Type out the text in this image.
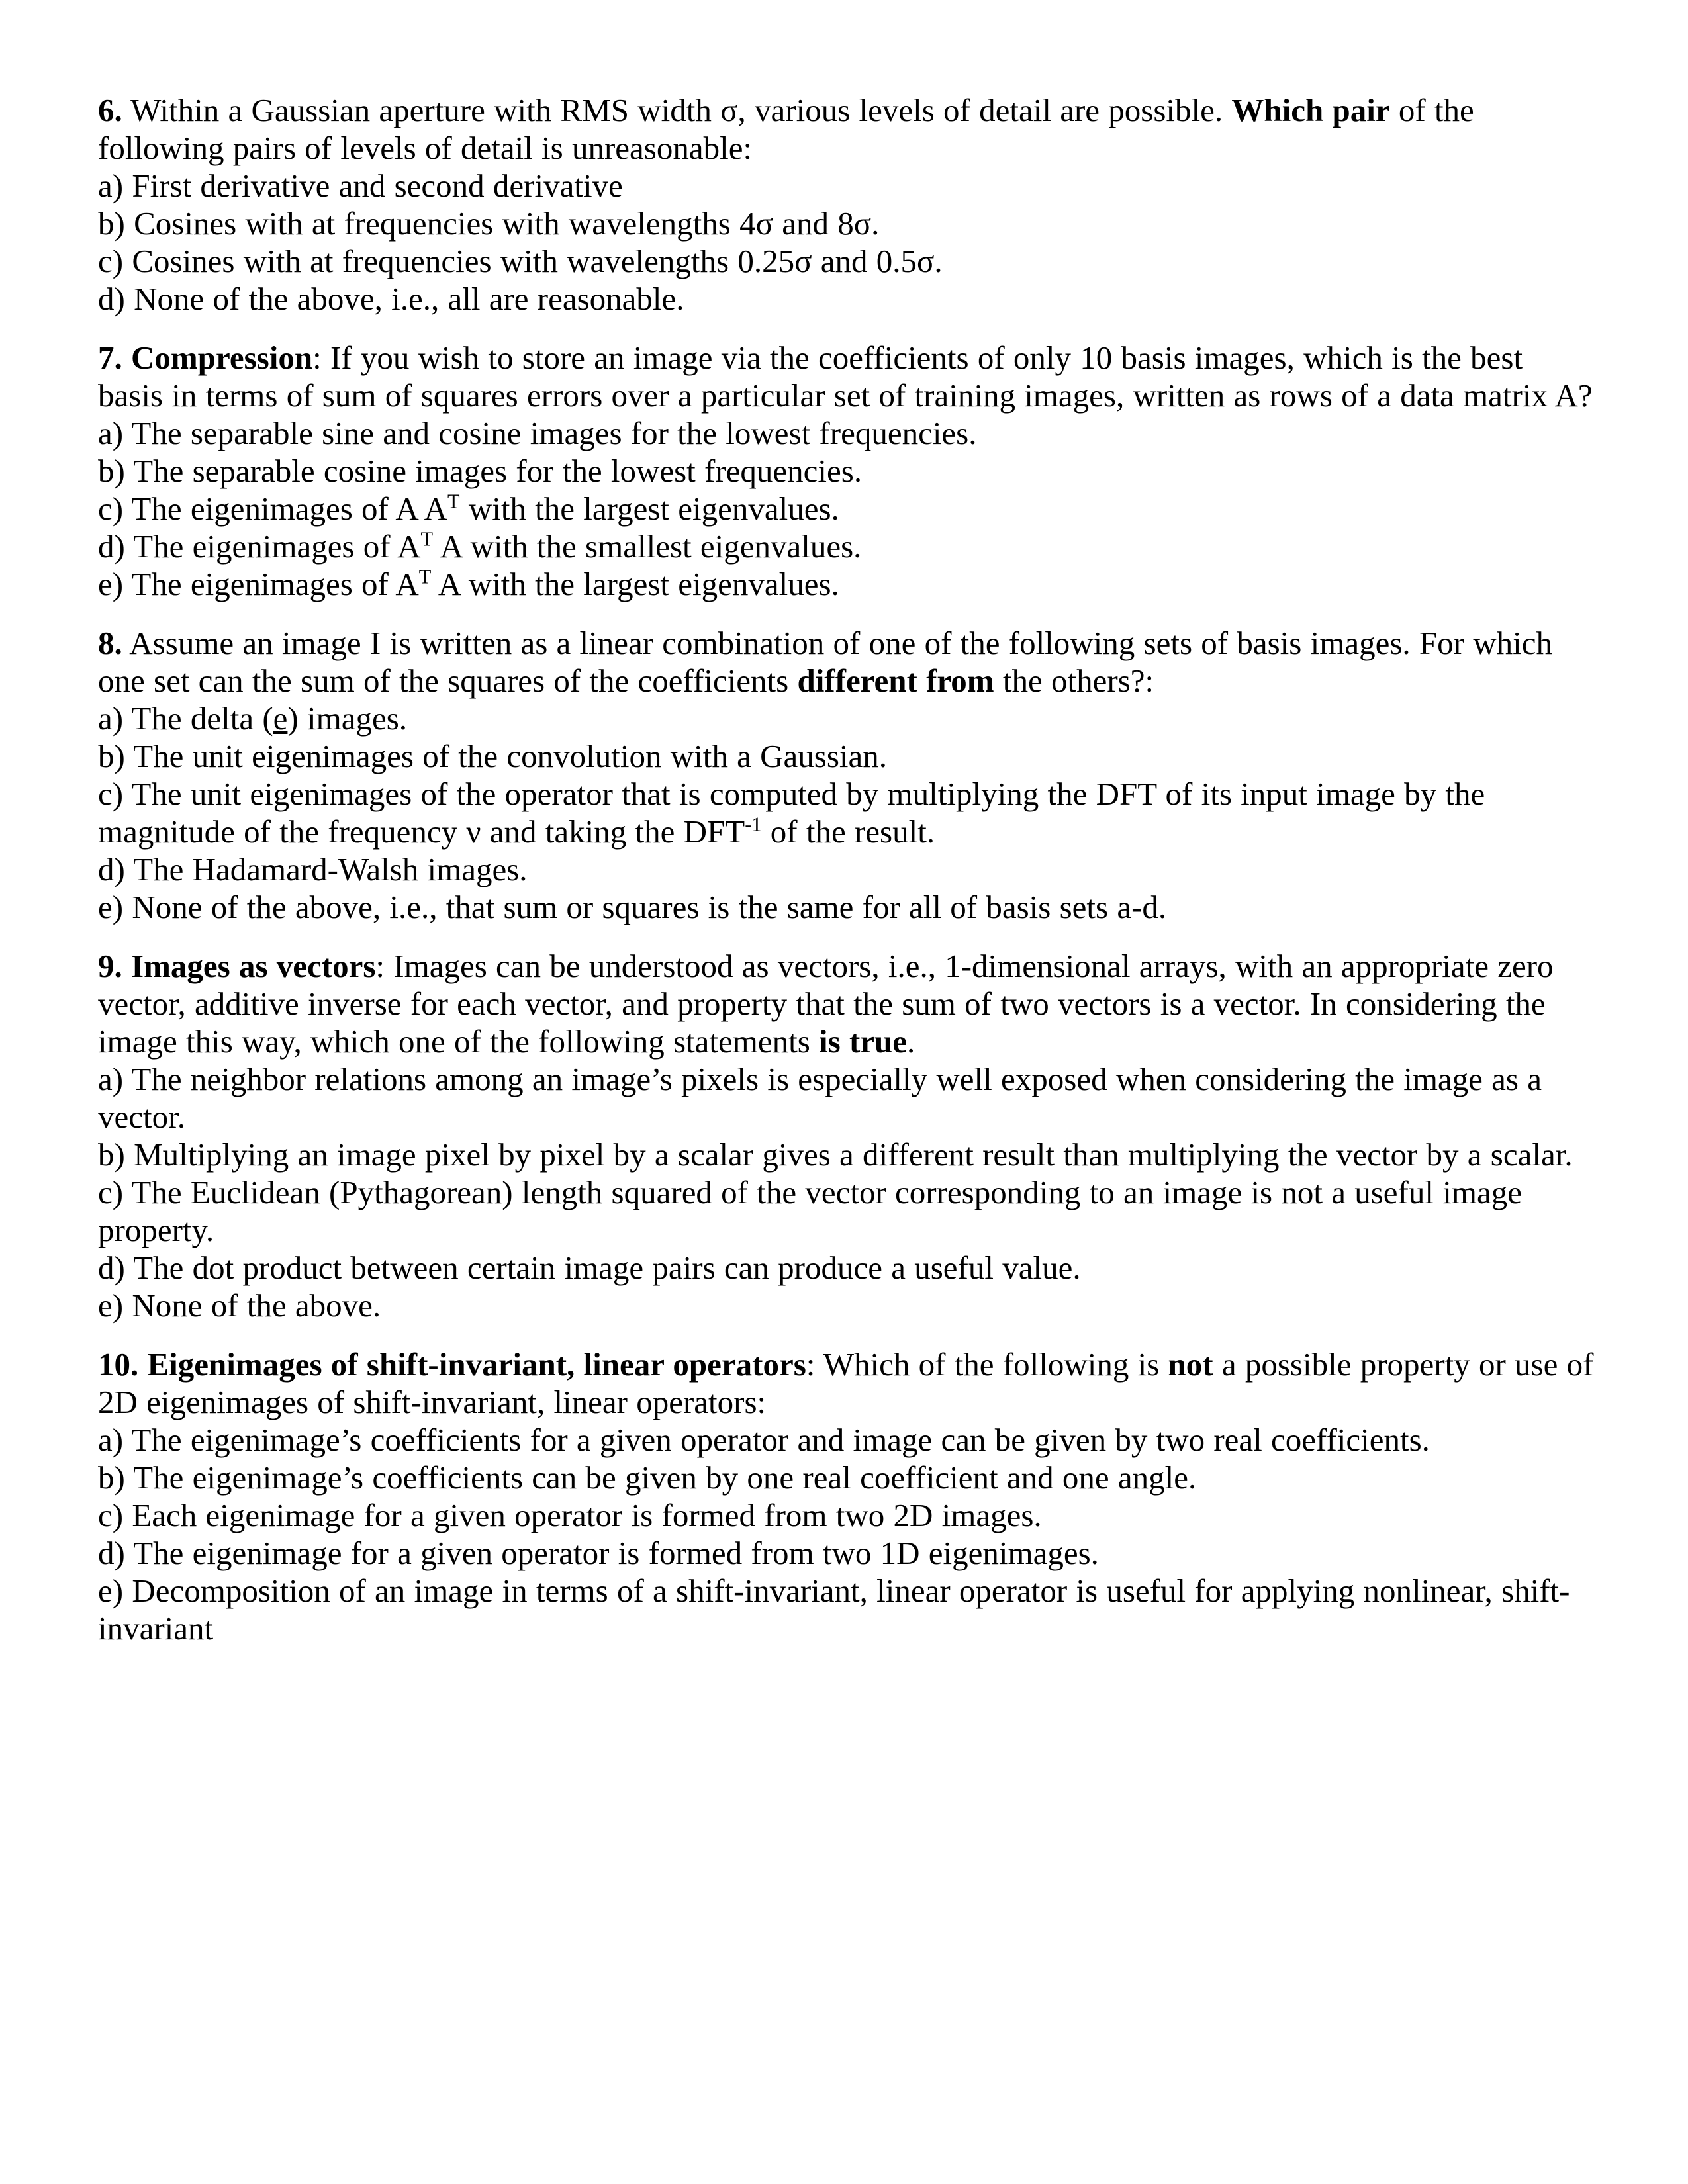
6. Within a Gaussian aperture with RMS width σ, various levels of detail are possible. Which pair of the following pairs of levels of detail is unreasonable:

a) First derivative and second derivative

b) Cosines with at frequencies with wavelengths 4σ and 8σ.

c) Cosines with at frequencies with wavelengths 0.25σ and 0.5σ.

d) None of the above, i.e., all are reasonable.

7. Compression: If you wish to store an image via the coefficients of only 10 basis images, which is the best basis in terms of sum of squares errors over a particular set of training images, written as rows of a data matrix A?

a) The separable sine and cosine images for the lowest frequencies.

b) The separable cosine images for the lowest frequencies.

c) The eigenimages of A $A^T$ with the largest eigenvalues.

d) The eigenimages of $A^T$ A with the smallest eigenvalues.

e) The eigenimages of $A^T$ A with the largest eigenvalues.

8. Assume an image I is written as a linear combination of one of the following sets of basis images. For which one set can the sum of the squares of the coefficients different from the others?:

a) The delta (e) images.

b) The unit eigenimages of the convolution with a Gaussian.

c) The unit eigenimages of the operator that is computed by multiplying the DFT of its input image by the magnitude of the frequency ν and taking the $DFT^{-1}$ of the result.

d) The Hadamard-Walsh images.

e) None of the above, i.e., that sum or squares is the same for all of basis sets a-d.

9. Images as vectors: Images can be understood as vectors, i.e., 1-dimensional arrays, with an appropriate zero vector, additive inverse for each vector, and property that the sum of two vectors is a vector. In considering the image this way, which one of the following statements is true.

a) The neighbor relations among an image’s pixels is especially well exposed when considering the image as a vector.

b) Multiplying an image pixel by pixel by a scalar gives a different result than multiplying the vector by a scalar.

c) The Euclidean (Pythagorean) length squared of the vector corresponding to an image is not a useful image property.

d) The dot product between certain image pairs can produce a useful value.

e) None of the above.

10. Eigenimages of shift-invariant, linear operators: Which of the following is not a possible property or use of 2D eigenimages of shift-invariant, linear operators:

a) The eigenimage’s coefficients for a given operator and image can be given by two real coefficients.

b) The eigenimage’s coefficients can be given by one real coefficient and one angle.

c) Each eigenimage for a given operator is formed from two 2D images.

d) The eigenimage for a given operator is formed from two 1D eigenimages.

e) Decomposition of an image in terms of a shift-invariant, linear operator is useful for applying nonlinear, shift-invariant
